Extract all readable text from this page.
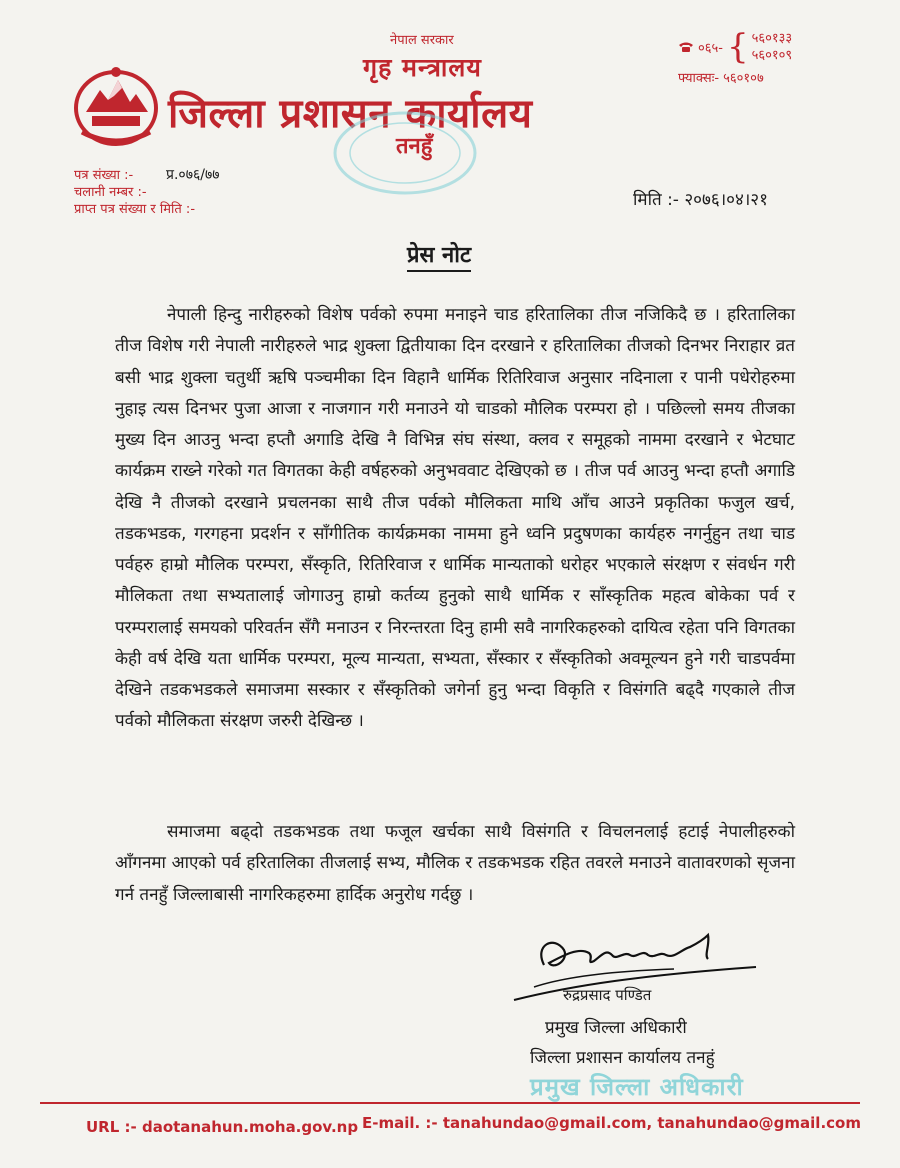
नेपाल सरकार
गृह मन्त्रालय
जिल्ला प्रशासन कार्यालय
तनहुँ
०६५- { ५६०१३३
५६०१०९
फ्याक्सः- ५६०१०७
पत्र संख्या :-
चलानी नम्बर :-
प्राप्त पत्र संख्या र मिति :-
प्र.०७६/७७
मिति :- २०७६।०४।२१
प्रेस नोट
नेपाली हिन्दु नारीहरुको विशेष पर्वको रुपमा मनाइने चाड हरितालिका तीज नजिकिदै छ । हरितालिका तीज विशेष गरी नेपाली नारीहरुले भाद्र शुक्ला द्वितीयाका दिन दरखाने र हरितालिका तीजको दिनभर निराहार व्रत बसी भाद्र शुक्ला चतुर्थी ऋषि पञ्चमीका दिन विहानै धार्मिक रितिरिवाज अनुसार नदिनाला र पानी पधेरोहरुमा नुहाइ त्यस दिनभर पुजा आजा र नाजगान गरी मनाउने यो चाडको मौलिक परम्परा हो । पछिल्लो समय तीजका मुख्य दिन आउनु भन्दा हप्तौ अगाडि देखि नै विभिन्न संघ संस्था, क्लव र समूहको नाममा दरखाने र भेटघाट कार्यक्रम राख्ने गरेको गत विगतका केही वर्षहरुको अनुभववाट देखिएको छ । तीज पर्व आउनु भन्दा हप्तौ अगाडि देखि नै तीजको दरखाने प्रचलनका साथै तीज पर्वको मौलिकता माथि आँच आउने प्रकृतिका फजुल खर्च, तडकभडक, गरगहना प्रदर्शन र साँगीतिक कार्यक्रमका नाममा हुने ध्वनि प्रदुषणका कार्यहरु नगर्नुहुन तथा चाड पर्वहरु हाम्रो मौलिक परम्परा, सँस्कृति, रितिरिवाज र धार्मिक मान्यताको धरोहर भएकाले संरक्षण र संवर्धन गरी मौलिकता तथा सभ्यतालाई जोगाउनु हाम्रो कर्तव्य हुनुको साथै धार्मिक र साँस्कृतिक महत्व बोकेका पर्व र परम्परालाई समयको परिवर्तन सँगै मनाउन र निरन्तरता दिनु हामी सवै नागरिकहरुको दायित्व रहेता पनि विगतका केही वर्ष देखि यता धार्मिक परम्परा, मूल्य मान्यता, सभ्यता, सँस्कार र सँस्कृतिको अवमूल्यन हुने गरी चाडपर्वमा देखिने तडकभडकले समाजमा सस्कार र सँस्कृतिको जगेर्ना हुनु भन्दा विकृति र विसंगति बढ्दै गएकाले तीज पर्वको मौलिकता संरक्षण जरुरी देखिन्छ ।
समाजमा बढ्दो तडकभडक तथा फजूल खर्चका साथै विसंगति र विचलनलाई हटाई नेपालीहरुको आँगनमा आएको पर्व हरितालिका तीजलाई सभ्य, मौलिक र तडकभडक रहित तवरले मनाउने वातावरणको सृजना गर्न तनहुँ जिल्लाबासी नागरिकहरुमा हार्दिक अनुरोध गर्दछु ।
रुद्रप्रसाद पण्डित
प्रमुख जिल्ला अधिकारी
जिल्ला प्रशासन कार्यालय तनहुं
प्रमुख जिल्ला अधिकारी
URL :- daotanahun.moha.gov.np E-mail. :- tanahundao@gmail.com, tanahundao@gmail.com
